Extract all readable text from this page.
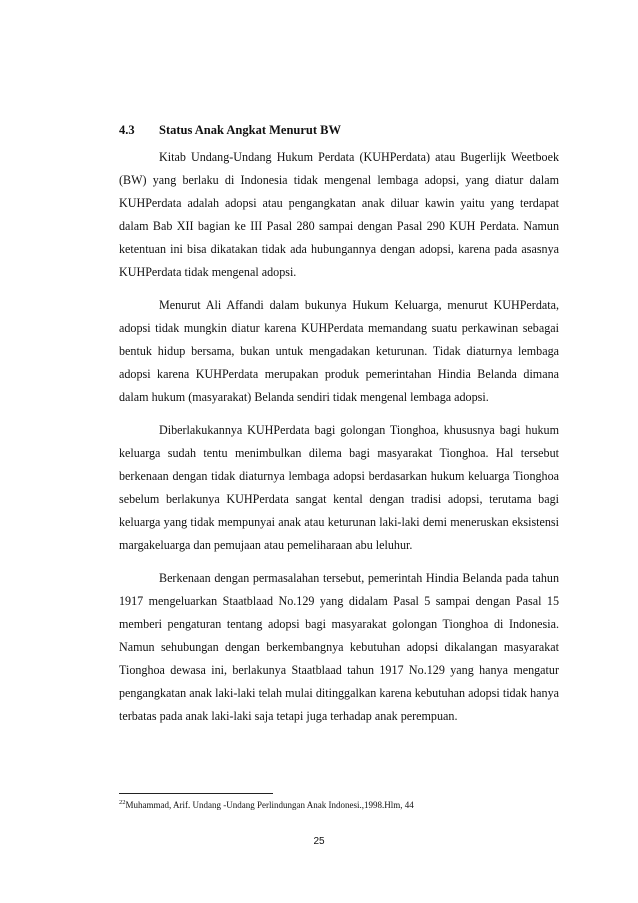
4.3 Status Anak Angkat Menurut BW

Kitab Undang-Undang Hukum Perdata (KUHPerdata) atau Bugerlijk Weetboek (BW) yang berlaku di Indonesia tidak mengenal lembaga adopsi, yang diatur dalam KUHPerdata adalah adopsi atau pengangkatan anak diluar kawin yaitu yang terdapat dalam Bab XII bagian ke III Pasal 280 sampai dengan Pasal 290 KUH Perdata. Namun ketentuan ini bisa dikatakan tidak ada hubungannya dengan adopsi, karena pada asasnya KUHPerdata tidak mengenal adopsi.

Menurut Ali Affandi dalam bukunya Hukum Keluarga, menurut KUHPerdata, adopsi tidak mungkin diatur karena KUHPerdata memandang suatu perkawinan sebagai bentuk hidup bersama, bukan untuk mengadakan keturunan. Tidak diaturnya lembaga adopsi karena KUHPerdata merupakan produk pemerintahan Hindia Belanda dimana dalam hukum (masyarakat) Belanda sendiri tidak mengenal lembaga adopsi.

Diberlakukannya KUHPerdata bagi golongan Tionghoa, khususnya bagi hukum keluarga sudah tentu menimbulkan dilema bagi masyarakat Tionghoa. Hal tersebut berkenaan dengan tidak diaturnya lembaga adopsi berdasarkan hukum keluarga Tionghoa sebelum berlakunya KUHPerdata sangat kental dengan tradisi adopsi, terutama bagi keluarga yang tidak mempunyai anak atau keturunan laki-laki demi meneruskan eksistensi margakeluarga dan pemujaan atau pemeliharaan abu leluhur.

Berkenaan dengan permasalahan tersebut, pemerintah Hindia Belanda pada tahun 1917 mengeluarkan Staatblaad No.129 yang didalam Pasal 5 sampai dengan Pasal 15 memberi pengaturan tentang adopsi bagi masyarakat golongan Tionghoa di Indonesia. Namun sehubungan dengan berkembangnya kebutuhan adopsi dikalangan masyarakat Tionghoa dewasa ini, berlakunya Staatblaad tahun 1917 No.129 yang hanya mengatur pengangkatan anak laki-laki telah mulai ditinggalkan karena kebutuhan adopsi tidak hanya terbatas pada anak laki-laki saja tetapi juga terhadap anak perempuan.

$^{22}$Muhammad, Arif. Undang -Undang Perlindungan Anak Indonesi.,1998.Hlm, 44
25
